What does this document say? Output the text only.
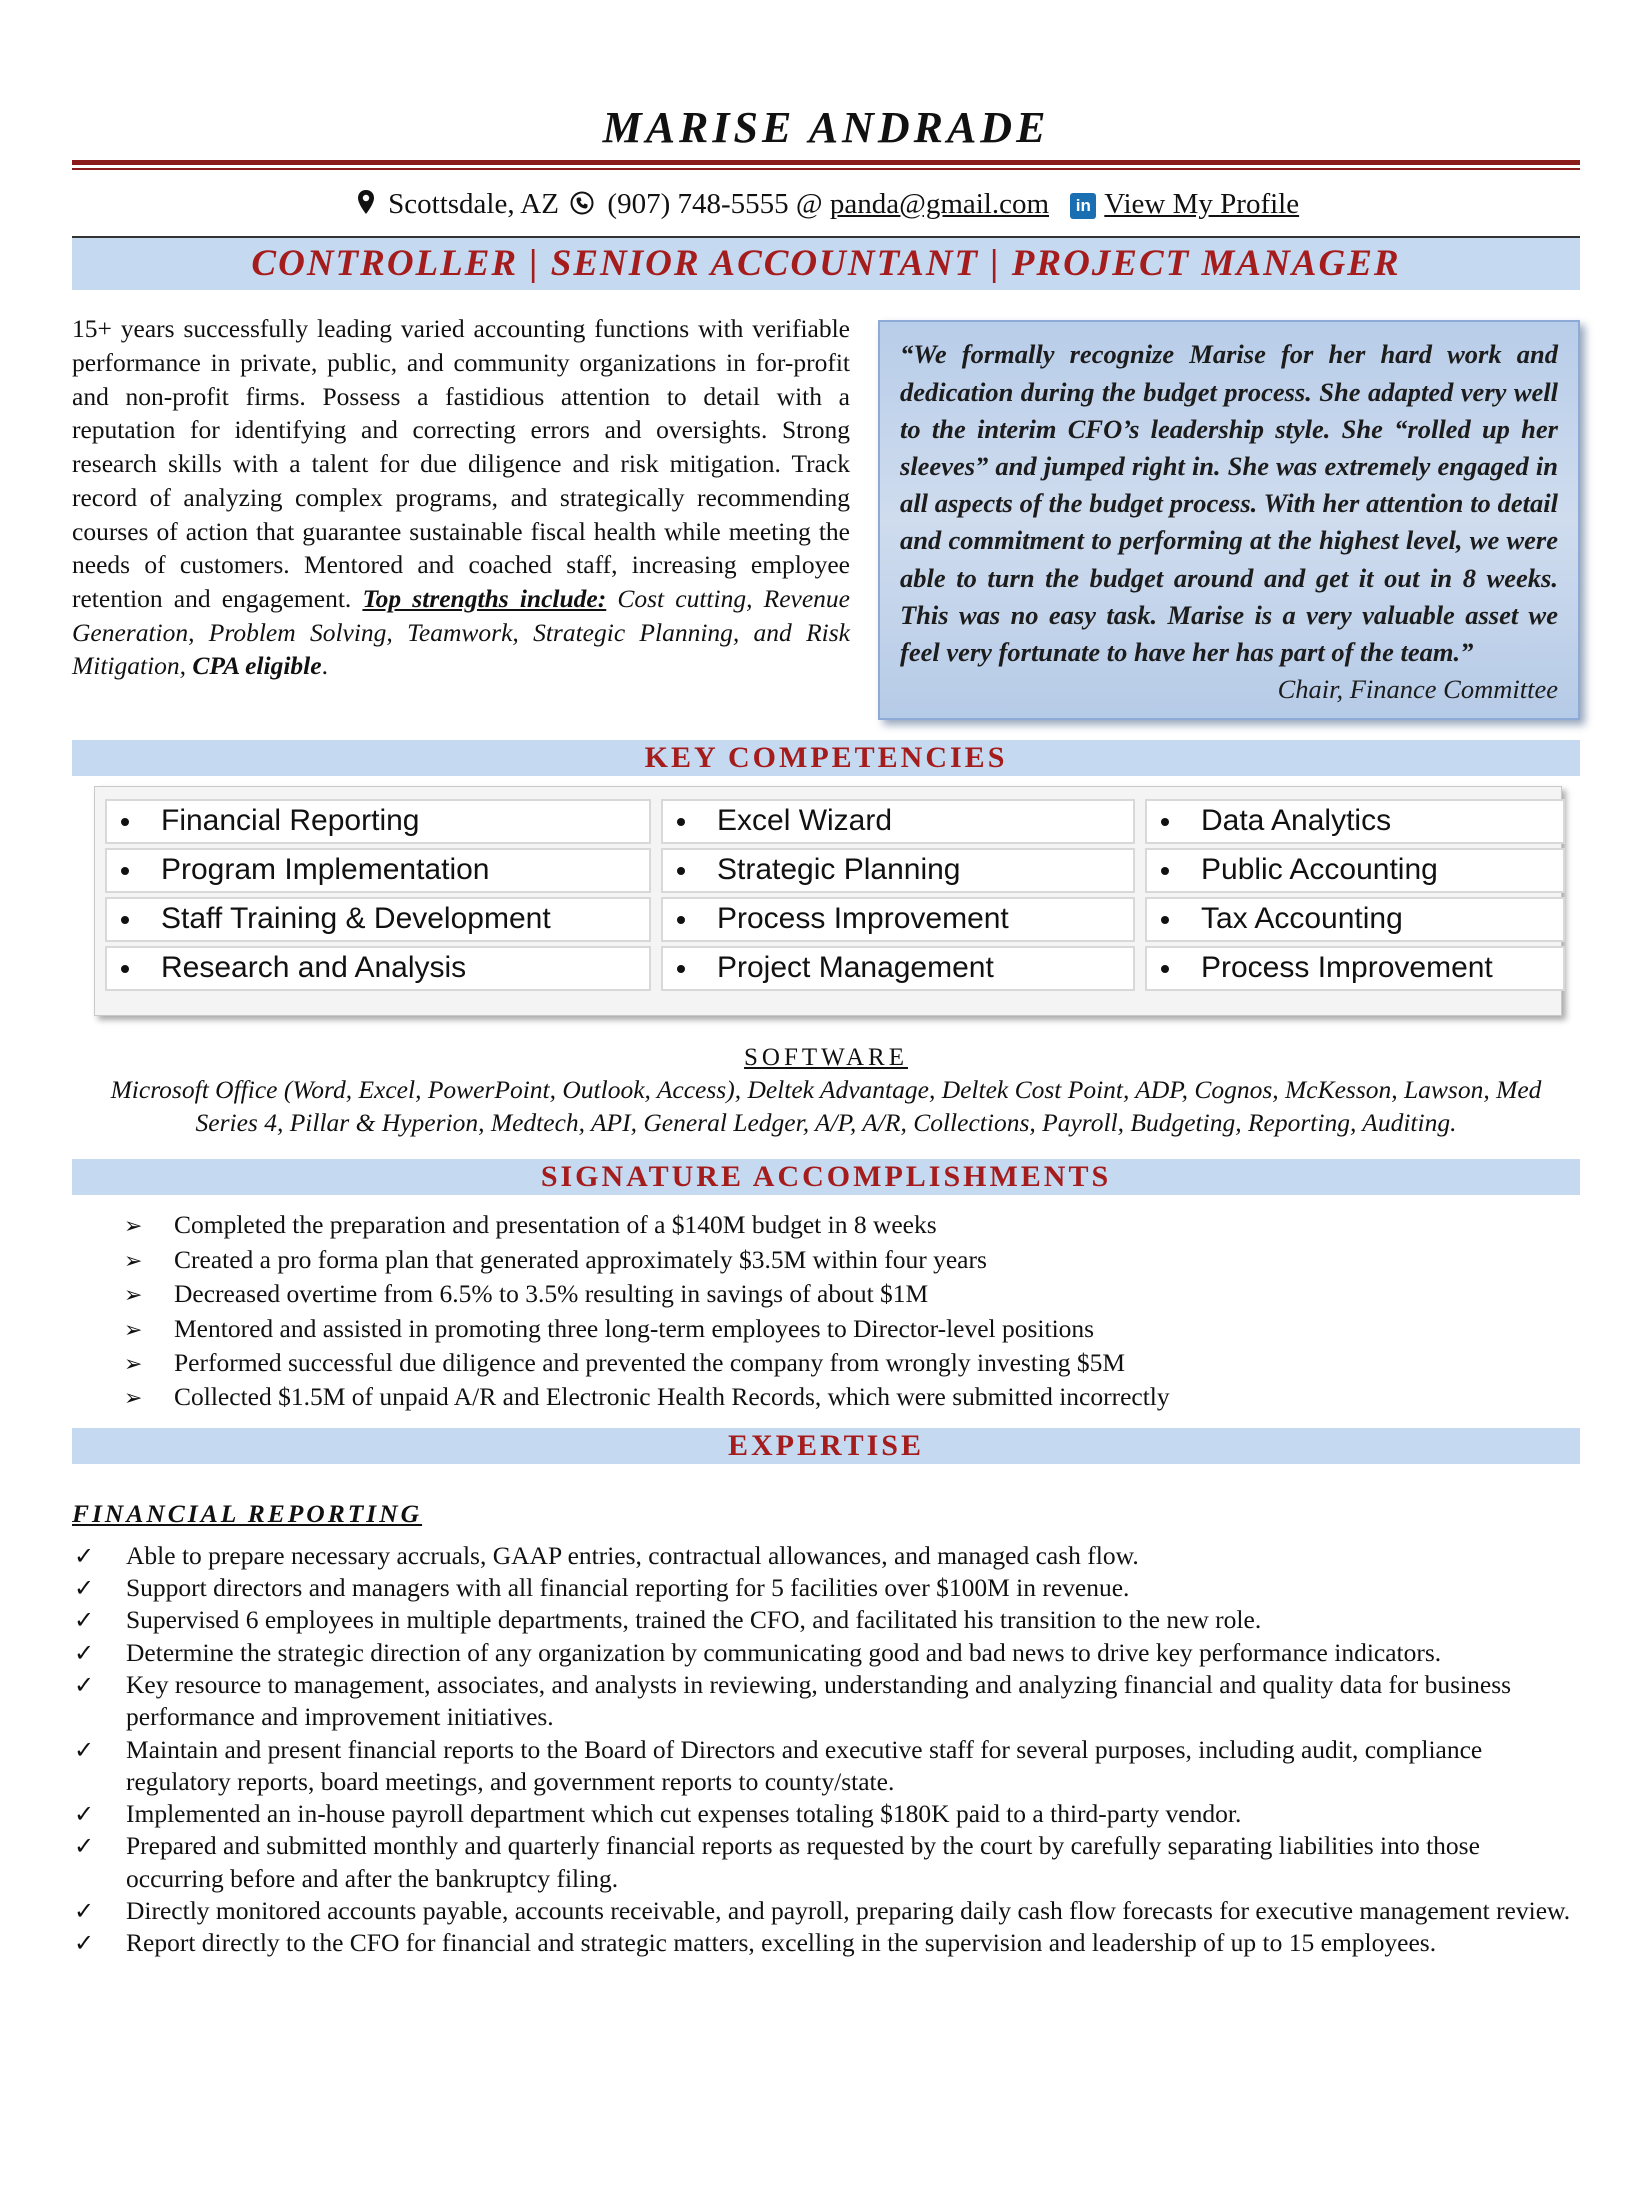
MARISE ANDRADE
Scottsdale, AZ (907) 748-5555 @ panda@gmail.com in View My Profile
CONTROLLER | SENIOR ACCOUNTANT | PROJECT MANAGER

15+ years successfully leading varied accounting functions with verifiable performance in private, public, and community organizations in for-profit and non-profit firms. Possess a fastidious attention to detail with a reputation for identifying and correcting errors and oversights. Strong research skills with a talent for due diligence and risk mitigation. Track record of analyzing complex programs, and strategically recommending courses of action that guarantee sustainable fiscal health while meeting the needs of customers. Mentored and coached staff, increasing employee retention and engagement. Top strengths include: Cost cutting, Revenue Generation, Problem Solving, Teamwork, Strategic Planning, and Risk Mitigation, CPA eligible.

“We formally recognize Marise for her hard work and dedication during the budget process. She adapted very well to the interim CFO’s leadership style. She “rolled up her sleeves” and jumped right in. She was extremely engaged in all aspects of the budget process. With her attention to detail and commitment to performing at the highest level, we were able to turn the budget around and get it out in 8 weeks. This was no easy task. Marise is a very valuable asset we feel very fortunate to have her has part of the team.”
Chair, Finance Committee
KEY COMPETENCIES
Financial Reporting	Excel Wizard	Data Analytics
Program Implementation	Strategic Planning	Public Accounting
Staff Training & Development	Process Improvement	Tax Accounting
Research and Analysis	Project Management	Process Improvement
SOFTWARE

Microsoft Office (Word, Excel, PowerPoint, Outlook, Access), Deltek Advantage, Deltek Cost Point, ADP, Cognos, McKesson, Lawson, Med Series 4, Pillar & Hyperion, Medtech, API, General Ledger, A/P, A/R, Collections, Payroll, Budgeting, Reporting, Auditing.

SIGNATURE ACCOMPLISHMENTS
➢ Completed the preparation and presentation of a $140M budget in 8 weeks
➢ Created a pro forma plan that generated approximately $3.5M within four years
➢ Decreased overtime from 6.5% to 3.5% resulting in savings of about $1M
➢ Mentored and assisted in promoting three long-term employees to Director-level positions
➢ Performed successful due diligence and prevented the company from wrongly investing $5M
➢ Collected $1.5M of unpaid A/R and Electronic Health Records, which were submitted incorrectly
EXPERTISE
FINANCIAL REPORTING
✓ Able to prepare necessary accruals, GAAP entries, contractual allowances, and managed cash flow.
✓ Support directors and managers with all financial reporting for 5 facilities over $100M in revenue.
✓ Supervised 6 employees in multiple departments, trained the CFO, and facilitated his transition to the new role.
✓ Determine the strategic direction of any organization by communicating good and bad news to drive key performance indicators.
✓ Key resource to management, associates, and analysts in reviewing, understanding and analyzing financial and quality data for business performance and improvement initiatives.
✓ Maintain and present financial reports to the Board of Directors and executive staff for several purposes, including audit, compliance regulatory reports, board meetings, and government reports to county/state.
✓ Implemented an in-house payroll department which cut expenses totaling $180K paid to a third-party vendor.
✓ Prepared and submitted monthly and quarterly financial reports as requested by the court by carefully separating liabilities into those occurring before and after the bankruptcy filing.
✓ Directly monitored accounts payable, accounts receivable, and payroll, preparing daily cash flow forecasts for executive management review.
✓ Report directly to the CFO for financial and strategic matters, excelling in the supervision and leadership of up to 15 employees.
